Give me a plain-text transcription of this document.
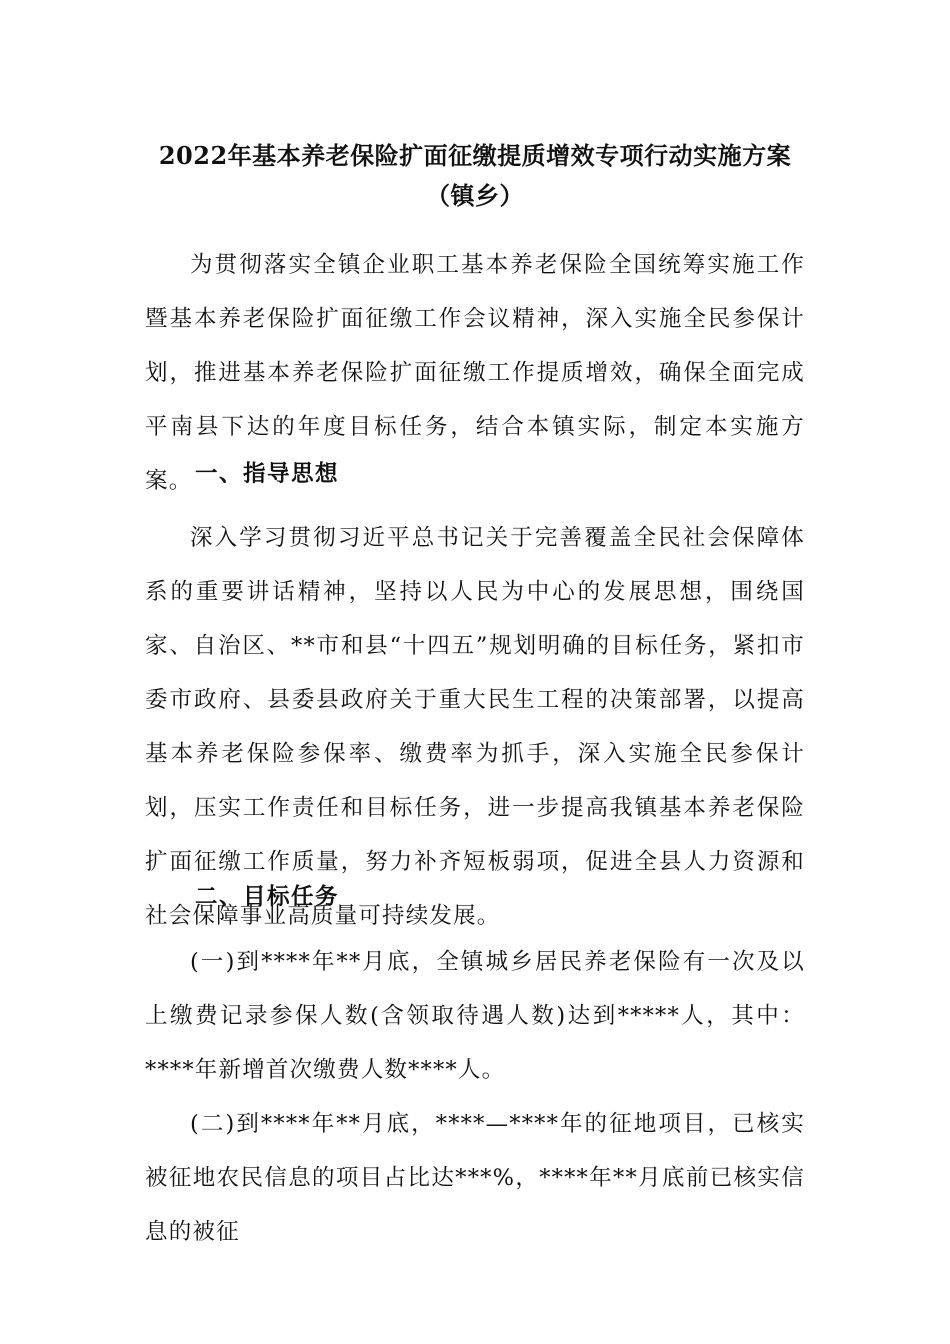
2022年基本养老保险扩面征缴提质增效专项行动实施方案
（镇乡）
为贯彻落实全镇企业职工基本养老保险全国统筹实施工作暨基本养老保险扩面征缴工作会议精神，深入实施全民参保计划，推进基本养老保险扩面征缴工作提质增效，确保全面完成平南县下达的年度目标任务，结合本镇实际，制定本实施方案。 一、指导思想
深入学习贯彻习近平总书记关于完善覆盖全民社会保障体系的重要讲话精神，坚持以人民为中心的发展思想，围绕国家、自治区、**市和县“十四五”规划明确的目标任务，紧扣市委市政府、县委县政府关于重大民生工程的决策部署，以提高基本养老保险参保率、缴费率为抓手，深入实施全民参保计划，压实工作责任和目标任务，进一步提高我镇基本养老保险扩面征缴工作质量，努力补齐短板弱项，促进全县人力资源和社会保障事业高质量可持续发展。
二、目标任务
(一)到****年**月底，全镇城乡居民养老保险有一次及以上缴费记录参保人数(含领取待遇人数)达到*****人，其中：****年新增首次缴费人数****人。
(二)到****年**月底，****—****年的征地项目，已核实被征地农民信息的项目占比达***%，****年**月底前已核实信息的被征
